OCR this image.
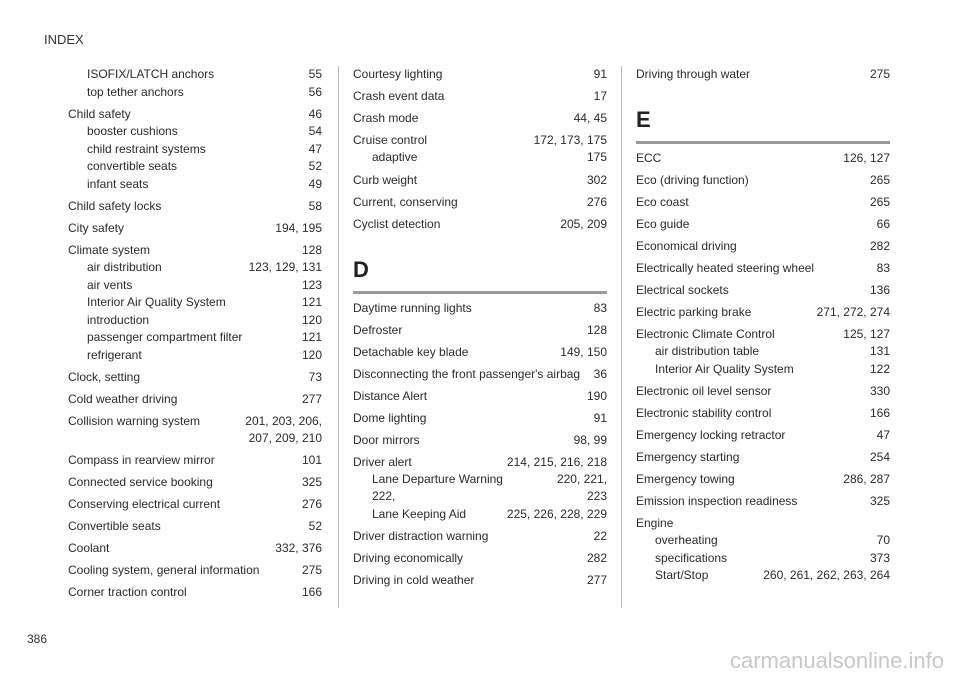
INDEX
ISOFIX/LATCH anchors	55
top tether anchors	56
Child safety	46
booster cushions	54
child restraint systems	47
convertible seats	52
infant seats	49
Child safety locks	58
City safety	194, 195
Climate system	128
air distribution	123, 129, 131
air vents	123
Interior Air Quality System	121
introduction	120
passenger compartment filter	121
refrigerant	120
Clock, setting	73
Cold weather driving	277
Collision warning system	201, 203, 206,
207, 209, 210
Compass in rearview mirror	101
Connected service booking	325
Conserving electrical current	276
Convertible seats	52
Coolant	332, 376
Cooling system, general information	275
Corner traction control	166
Courtesy lighting	91
Crash event data	17
Crash mode	44, 45
Cruise control	172, 173, 175
adaptive	175
Curb weight	302
Current, conserving	276
Cyclist detection	205, 209
D
Daytime running lights	83
Defroster	128
Detachable key blade	149, 150
Disconnecting the front passenger's airbag 36
Distance Alert	190
Dome lighting	91
Door mirrors	98, 99
Driver alert	214, 215, 216, 218
Lane Departure Warning	220, 221,
222,	223
Lane Keeping Aid	225, 226, 228, 229
Driver distraction warning	22
Driving economically	282
Driving in cold weather	277
Driving through water	275
E
ECC	126, 127
Eco (driving function)	265
Eco coast	265
Eco guide	66
Economical driving	282
Electrically heated steering wheel	83
Electrical sockets	136
Electric parking brake	271, 272, 274
Electronic Climate Control	125, 127
air distribution table	131
Interior Air Quality System	122
Electronic oil level sensor	330
Electronic stability control	166
Emergency locking retractor	47
Emergency starting	254
Emergency towing	286, 287
Emission inspection readiness	325
Engine
overheating	70
specifications	373
Start/Stop	260, 261, 262, 263, 264
386
carmanualsonline.info
